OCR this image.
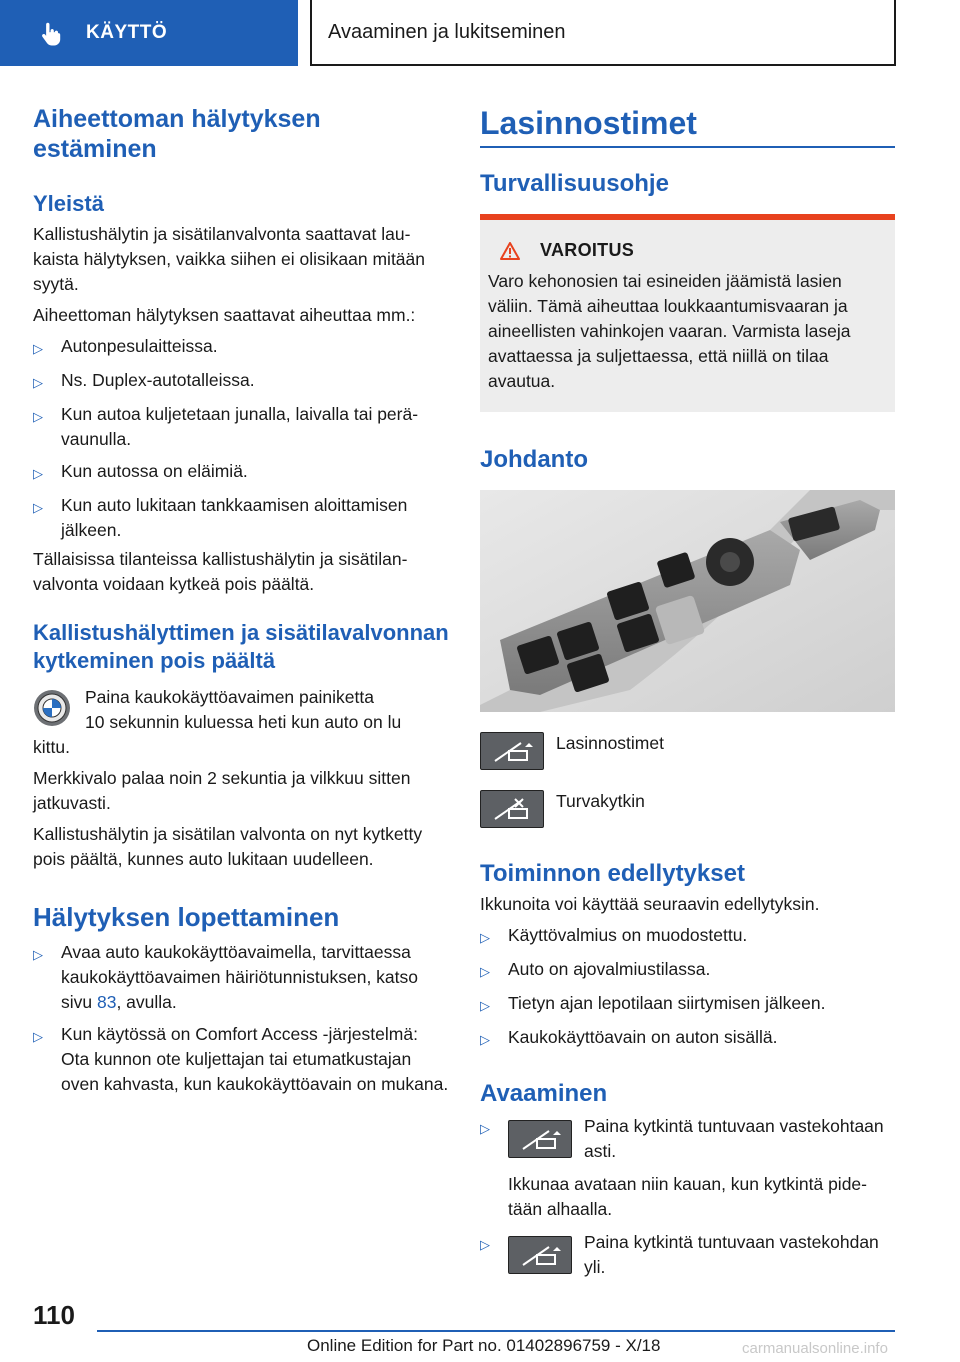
KÄYTTÖ	Avaaminen ja lukitseminen
Aiheettoman hälytyksen estäminen
Yleistä

Kallistushälytin ja sisätilanvalvonta saattavat laukaista hälytyksen, vaikka siihen ei olisikaan mitään syytä.

Aiheettoman hälytyksen saattavat aiheuttaa mm.:

▷	Autonpesulaitteissa.
▷	Ns. Duplex-autotalleissa.
▷	Kun autoa kuljetetaan junalla, laivalla tai perävaunulla.
▷	Kun autossa on eläimiä.
▷	Kun auto lukitaan tankkaamisen aloittamisen jälkeen.

Tällaisissa tilanteissa kallistushälytin ja sisätilanvalvonta voidaan kytkeä pois päältä.

Kallistushälyttimen ja sisätilavalvonnan kytkeminen pois päältä

Paina kaukokäyttöavaimen painiketta

10 sekunnin kuluessa heti kun auto on lu

kittu.

Merkkivalo palaa noin 2 sekuntia ja vilkkuu sitten jatkuvasti.

Kallistushälytin ja sisätilan valvonta on nyt kytketty pois päältä, kunnes auto lukitaan uudelleen.

Hälytyksen lopettaminen
▷	Avaa auto kaukokäyttöavaimella, tarvittaessa kaukokäyttöavaimen häiriötunnistuksen, katso sivu 83, avulla.
▷	Kun käytössä on Comfort Access -järjestelmä: Ota kunnon ote kuljettajan tai etumatkustajan oven kahvasta, kun kaukokäyttöavain on mukana.
Lasinnostimet
Turvallisuusohje
VAROITUS

Varo kehonosien tai esineiden jäämistä lasien väliin. Tämä aiheuttaa loukkaantumisvaaran ja aineellisten vahinkojen vaaran. Varmista laseja avattaessa ja suljettaessa, että niillä on tilaa avautua.

Johdanto
Lasinnostimet
Turvakytkin
Toiminnon edellytykset

Ikkunoita voi käyttää seuraavin edellytyksin.

▷	Käyttövalmius on muodostettu.
▷	Auto on ajovalmiustilassa.
▷	Tietyn ajan lepotilaan siirtymisen jälkeen.
▷	Kaukokäyttöavain on auton sisällä.
Avaaminen
▷	Paina kytkintä tuntuvaan vastekohtaan asti.

Ikkunaa avataan niin kauan, kun kytkintä pidetään alhaalla.

▷	Paina kytkintä tuntuvaan vastekohdan yli.
110
Online Edition for Part no. 01402896759 - X/18	carmanualsonline.info
